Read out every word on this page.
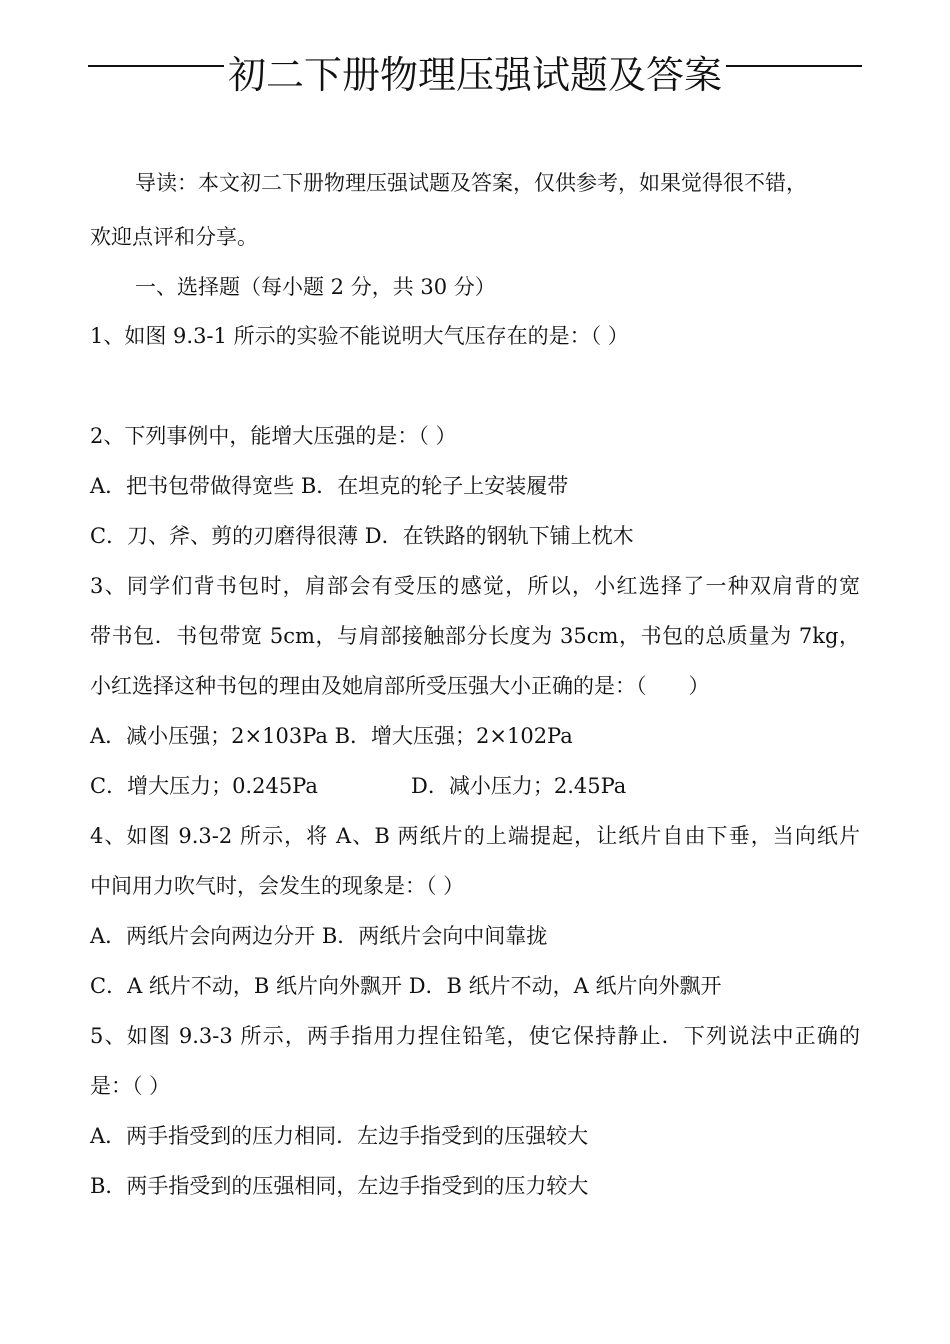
初二下册物理压强试题及答案
导读：本文初二下册物理压强试题及答案，仅供参考，如果觉得很不错，
欢迎点评和分享。
一、选择题（每小题 2 分，共 30 分）
1、如图 9.3-1 所示的实验不能说明大气压存在的是：（ ）
2、下列事例中，能增大压强的是：（ ）
A．把书包带做得宽些 B．在坦克的轮子上安装履带
C．刀、斧、剪的刃磨得很薄 D．在铁路的钢轨下铺上枕木
3、同学们背书包时，肩部会有受压的感觉，所以，小红选择了一种双肩背的宽
带书包．书包带宽 5cm，与肩部接触部分长度为 35cm，书包的总质量为 7kg，
小红选择这种书包的理由及她肩部所受压强大小正确的是：（　　）
A．减小压强；2×103Pa B．增大压强；2×102Pa
C．增大压力；0.245Pa	D．减小压力；2.45Pa
4、如图 9.3-2 所示，将 A、B 两纸片的上端提起，让纸片自由下垂，当向纸片
中间用力吹气时，会发生的现象是：（ ）
A．两纸片会向两边分开 B．两纸片会向中间靠拢
C．A 纸片不动，B 纸片向外飘开 D．B 纸片不动，A 纸片向外飘开
5、如图 9.3-3 所示，两手指用力捏住铅笔，使它保持静止．下列说法中正确的
是：（ ）
A．两手指受到的压力相同．左边手指受到的压强较大
B．两手指受到的压强相同，左边手指受到的压力较大
